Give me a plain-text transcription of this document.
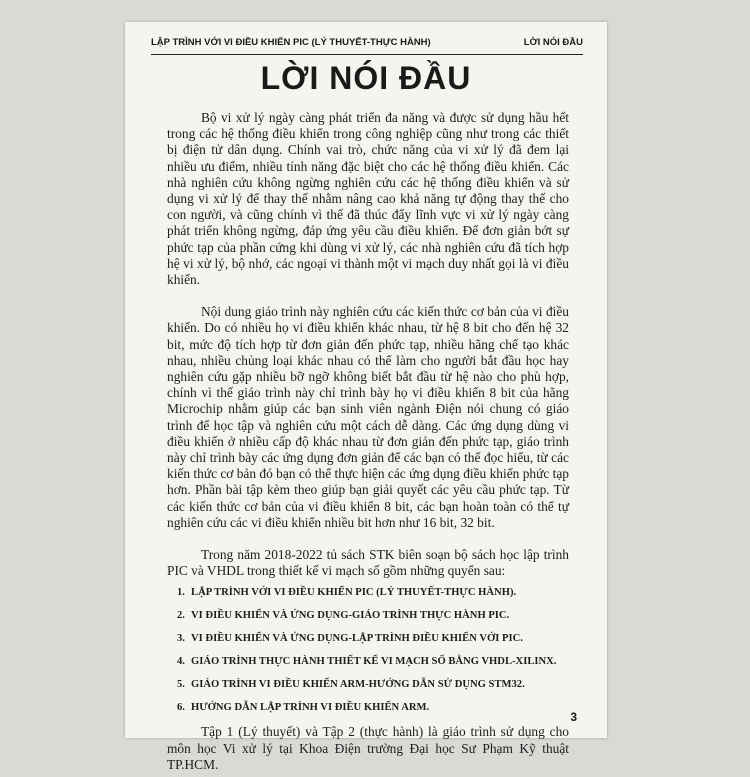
LẬP TRÌNH VỚI VI ĐIỀU KHIỂN PIC (LÝ THUYẾT-THỰC HÀNH)	LỜI NÓI ĐẦU
LỜI NÓI ĐẦU

Bộ vi xử lý ngày càng phát triển đa năng và được sử dụng hầu hết trong các hệ thống điều khiển trong công nghiệp cũng như trong các thiết bị điện tử dân dụng. Chính vai trò, chức năng của vi xử lý đã đem lại nhiều ưu điểm, nhiều tính năng đặc biệt cho các hệ thống điều khiển. Các nhà nghiên cứu không ngừng nghiên cứu các hệ thống điều khiển và sử dụng vi xử lý để thay thế nhằm nâng cao khả năng tự động thay thế cho con người, và cũng chính vì thế đã thúc đẩy lĩnh vực vi xử lý ngày càng phát triển không ngừng, đáp ứng yêu cầu điều khiển. Để đơn giản bớt sự phức tạp của phần cứng khi dùng vi xử lý, các nhà nghiên cứu đã tích hợp hệ vi xử lý, bộ nhớ, các ngoại vi thành một vi mạch duy nhất gọi là vi điều khiển.

Nội dung giáo trình này nghiên cứu các kiến thức cơ bản của vi điều khiển. Do có nhiều họ vi điều khiển khác nhau, từ hệ 8 bit cho đến hệ 32 bit, mức độ tích hợp từ đơn giản đến phức tạp, nhiều hãng chế tạo khác nhau, nhiều chủng loại khác nhau có thể làm cho người bắt đầu học hay nghiên cứu gặp nhiều bỡ ngỡ không biết bắt đầu từ hệ nào cho phù hợp, chính vì thế giáo trình này chỉ trình bày họ vi điều khiển 8 bit của hãng Microchip nhằm giúp các bạn sinh viên ngành Điện nói chung có giáo trình để học tập và nghiên cứu một cách dễ dàng. Các ứng dụng dùng vi điều khiển ở nhiều cấp độ khác nhau từ đơn giản đến phức tạp, giáo trình này chỉ trình bày các ứng dụng đơn giản để các bạn có thể đọc hiểu, từ các kiến thức cơ bản đó bạn có thể thực hiện các ứng dụng điều khiển phức tạp hơn. Phần bài tập kèm theo giúp bạn giải quyết các yêu cầu phức tạp. Từ các kiến thức cơ bản của vi điều khiển 8 bit, các bạn hoàn toàn có thể tự nghiên cứu các vi điều khiển nhiều bit hơn như 16 bit, 32 bit.

Trong năm 2018-2022 tủ sách STK biên soạn bộ sách học lập trình PIC và VHDL trong thiết kế vi mạch số gồm những quyển sau:

1. LẬP TRÌNH VỚI VI ĐIỀU KHIỂN PIC (LÝ THUYẾT-THỰC HÀNH).
2. VI ĐIỀU KHIỂN VÀ ỨNG DỤNG-GIÁO TRÌNH THỰC HÀNH PIC.
3. VI ĐIỀU KHIỂN VÀ ỨNG DỤNG-LẬP TRÌNH ĐIỀU KHIỂN VỚI PIC.
4. GIÁO TRÌNH THỰC HÀNH THIẾT KẾ VI MẠCH SỐ BẰNG VHDL-XILINX.
5. GIÁO TRÌNH VI ĐIỀU KHIỂN ARM-HƯỚNG DẪN SỬ DỤNG STM32.
6. HƯỚNG DẪN LẬP TRÌNH VI ĐIỀU KHIỂN ARM.

Tập 1 (Lý thuyết) và Tập 2 (thực hành) là giáo trình sử dụng cho môn học Vi xử lý tại Khoa Điện trường Đại học Sư Phạm Kỹ thuật TP.HCM.

3
